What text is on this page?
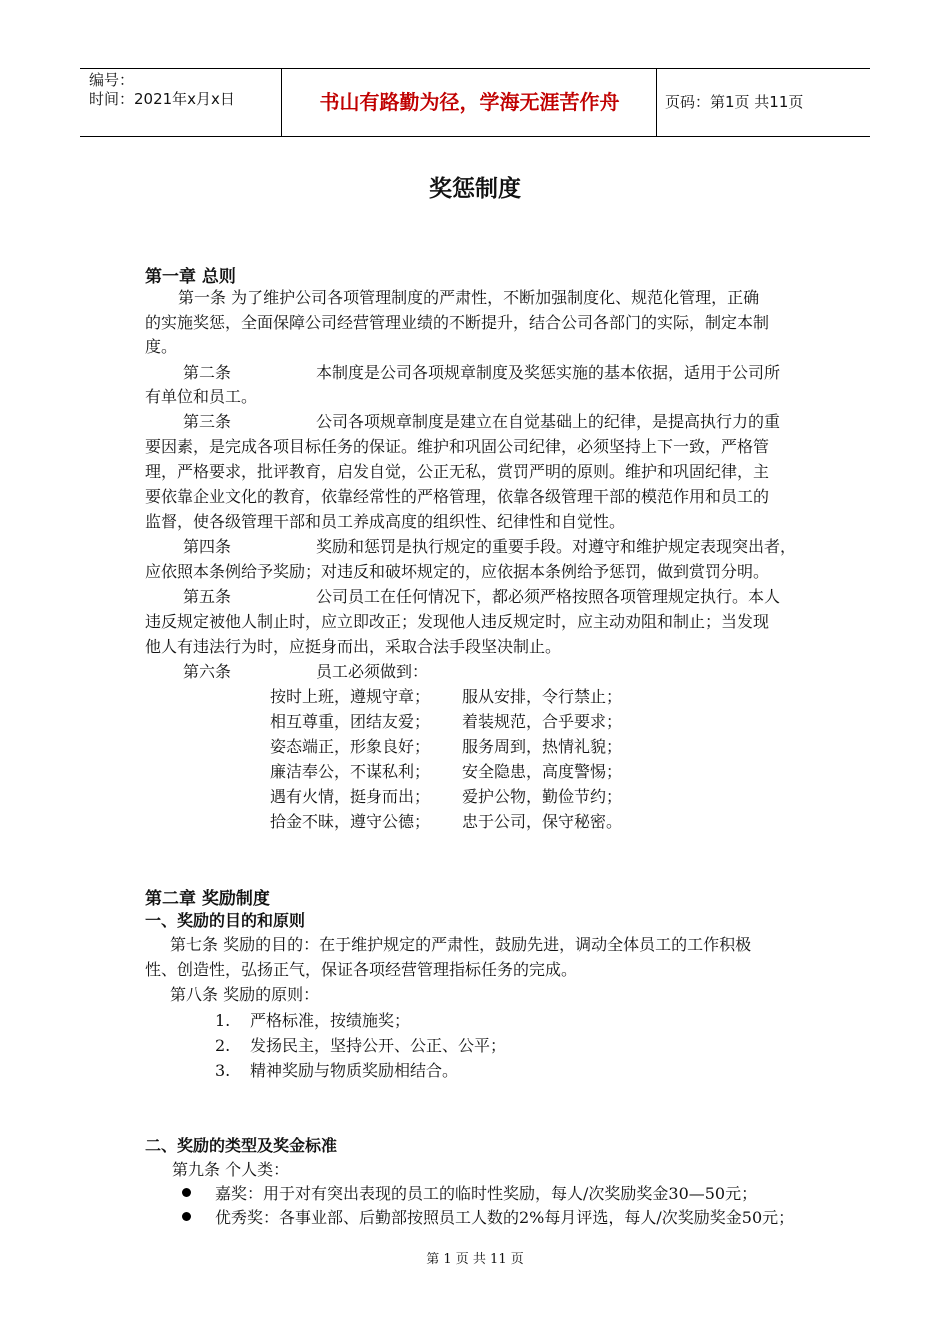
编号：
时间：2021年x月x日	书山有路勤为径，学海无涯苦作舟	页码：第1页 共11页
奖惩制度
第一章 总则
第一条 为了维护公司各项管理制度的严肃性，不断加强制度化、规范化管理，正确
的实施奖惩，全面保障公司经营管理业绩的不断提升，结合公司各部门的实际，制定本制
度。
第二条	本制度是公司各项规章制度及奖惩实施的基本依据，适用于公司所
有单位和员工。
第三条	公司各项规章制度是建立在自觉基础上的纪律，是提高执行力的重
要因素，是完成各项目标任务的保证。维护和巩固公司纪律，必须坚持上下一致，严格管
理，严格要求，批评教育，启发自觉，公正无私，赏罚严明的原则。维护和巩固纪律，主
要依靠企业文化的教育，依靠经常性的严格管理，依靠各级管理干部的模范作用和员工的
监督，使各级管理干部和员工养成高度的组织性、纪律性和自觉性。
第四条	奖励和惩罚是执行规定的重要手段。对遵守和维护规定表现突出者，
应依照本条例给予奖励；对违反和破坏规定的，应依据本条例给予惩罚，做到赏罚分明。
第五条	公司员工在任何情况下，都必须严格按照各项管理规定执行。本人
违反规定被他人制止时，应立即改正；发现他人违反规定时，应主动劝阻和制止；当发现
他人有违法行为时，应挺身而出，采取合法手段坚决制止。
第六条	员工必须做到：
按时上班，遵规守章； 服从安排，令行禁止；
相互尊重，团结友爱； 着装规范，合乎要求；
姿态端正，形象良好； 服务周到，热情礼貌；
廉洁奉公，不谋私利； 安全隐患，高度警惕；
遇有火情，挺身而出； 爱护公物，勤俭节约；
拾金不昧，遵守公德； 忠于公司，保守秘密。
第二章 奖励制度
一、奖励的目的和原则
第七条 奖励的目的：在于维护规定的严肃性，鼓励先进，调动全体员工的工作积极
性、创造性，弘扬正气，保证各项经营管理指标任务的完成。
第八条 奖励的原则：
1. 严格标准，按绩施奖；
2. 发扬民主，坚持公开、公正、公平；
3. 精神奖励与物质奖励相结合。
二、奖励的类型及奖金标准
第九条 个人类：
嘉奖：用于对有突出表现的员工的临时性奖励，每人/次奖励奖金30—50元；
优秀奖：各事业部、后勤部按照员工人数的2%每月评选，每人/次奖励奖金50元；
第 1 页 共 11 页
